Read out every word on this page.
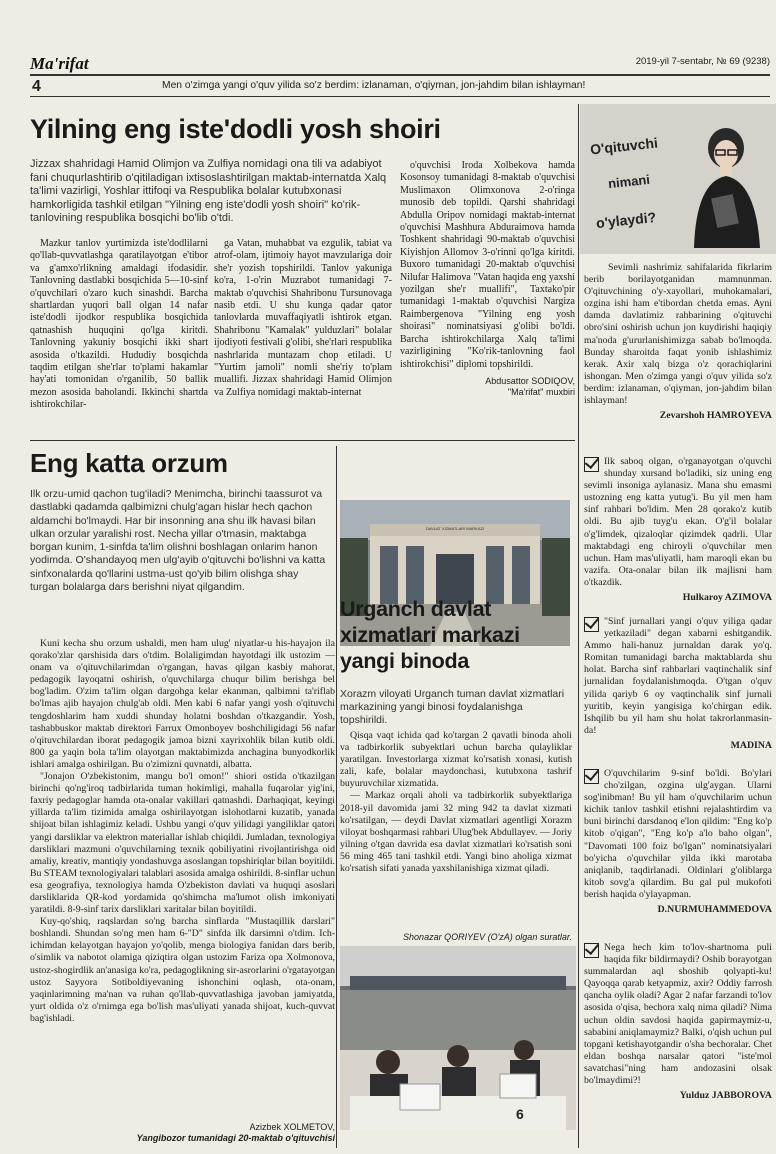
Ma'rifat	2019-yil 7-sentabr, № 69 (9238)
4	Men o'zimga yangi o'quv yilida so'z berdim: izlanaman, o'qiyman, jon-jahdim bilan ishlayman!
Yilning eng iste'dodli yosh shoiri

Jizzax shahridagi Hamid Olimjon va Zulfiya nomidagi ona tili va adabiyot fani chuqurlashtirib o'qitiladigan ixtisoslashtirilgan maktab-internatda Xalq ta'limi vazirligi, Yoshlar ittifoqi va Respublika bolalar kutubxonasi hamkorligida tashkil etilgan "Yilning eng iste'dodli yosh shoiri" ko'rik-tanlovining respublika bosqichi bo'lib o'tdi.

Mazkur tanlov yurtimizda iste'dodlilarni qo'llab-quvvatlashga qaratilayotgan e'tibor va g'amxo'rlikning amaldagi ifodasidir. Tanlovning dastlabki bosqichida 5—10-sinf o'quvchilari o'zaro kuch sinashdi. Barcha shartlardan yuqori ball olgan 14 nafar iste'dodli ijodkor respublika bosqichida qatnashish huquqini qo'lga kiritdi. Tanlovning yakuniy bosqichi ikki shart asosida o'tkazildi. Hududiy bosqichda taqdim etilgan she'rlar to'plami hakamlar hay'ati tomonidan o'rganilib, 50 ballik mezon asosida baholandi. Ikkinchi shartda ishtirokchilar-

ga Vatan, muhabbat va ezgulik, tabiat va atrof-olam, ijtimoiy hayot mavzulariga doir she'r yozish topshirildi. Tanlov yakuniga ko'ra, 1-o'rin Muzrabot tumanidagi 7-maktab o'quvchisi Shahribonu Tursunovaga nasib etdi. U shu kunga qadar qator tanlovlarda muvaffaqiyatli ishtirok etgan. Shahribonu "Kamalak" yulduzlari" bolalar ijodiyoti festivali g'olibi, she'rlari respublika nashrlarida muntazam chop etiladi. U "Yurtim jamoli" nomli she'riy to'plam muallifi. Jizzax shahridagi Hamid Olimjon va Zulfiya nomidagi maktab-internat

o'quvchisi Iroda Xolbekova hamda Kosonsoy tumanidagi 8-maktab o'quvchisi Muslimaxon Olimxonova 2-o'ringa munosib deb topildi. Qarshi shahridagi Abdulla Oripov nomidagi maktab-internat o'quvchisi Mashhura Abduraimova hamda Toshkent shahridagi 90-maktab o'quvchisi Kiyishjon Allomov 3-o'rinni qo'lga kiritdi. Buxoro tumanidagi 20-maktab o'quvchisi Nilufar Halimova "Vatan haqida eng yaxshi yozilgan she'r muallifi", Taxtako'pir tumanidagi 1-maktab o'quvchisi Nargiza Raimbergenova "Yilning eng yosh shoirasi" nominatsiyasi g'olibi bo'ldi. Barcha ishtirokchilarga Xalq ta'limi vazirligining "Ko'rik-tanlovning faol ishtirokchisi" diplomi topshirildi.

Abdusattor SODIQOV,

"Ma'rifat" muxbiri

Eng katta orzum

Ilk orzu-umid qachon tug'iladi? Menimcha, birinchi taassurot va dastlabki qadamda qalbimizni chulg'agan hislar hech qachon aldamchi bo'lmaydi. Har bir insonning ana shu ilk havasi bilan ulkan orzular yaralishi rost. Necha yillar o'tmasin, maktabga borgan kunim, 1-sinfda ta'lim olishni boshlagan onlarim hanon yodimda. O'shandayoq men ulg'ayib o'qituvchi bo'lishni va katta sinfxonalarda qo'llarini ustma-ust qo'yib bilim olishga shay turgan bolalarga dars berishni niyat qilgandim.

Kuni kecha shu orzum ushaldi, men ham ulug' niyatlar-u his-hayajon ila qorako'zlar qarshisida dars o'tdim. Bolaligimdan hayotdagi ilk ustozim — onam va o'qituvchilarimdan o'rgangan, havas qilgan kasbiy mahorat, pedagogik layoqatni oshirish, o'quvchilarga chuqur bilim berishga bel bog'ladim. O'zim ta'lim olgan dargohga kelar ekanman, qalbimni ta'riflab bo'lmas ajib hayajon chulg'ab oldi. Men kabi 6 nafar yangi yosh o'qituvchi tengdoshlarim ham xuddi shunday holatni boshdan o'tkazgandir. Yosh, tashabbuskor maktab direktori Farrux Omonboyev boshchiligidagi 56 nafar o'qituvchilardan iborat pedagogik jamoa bizni xayrixohlik bilan kutib oldi. 800 ga yaqin bola ta'lim olayotgan maktabimizda anchagina bunyodkorlik ishlari amalga oshirilgan. Bu o'zimizni quvnatdi, albatta.

"Jonajon O'zbekistonim, mangu bo'l omon!" shiori ostida o'tkazilgan birinchi qo'ng'iroq tadbirlarida tuman hokimligi, mahalla fuqarolar yig'ini, faxriy pedagoglar hamda ota-onalar vakillari qatnashdi. Darhaqiqat, keyingi yillarda ta'lim tizimida amalga oshirilayotgan islohotlarni kuzatib, yanada shijoat bilan ishlagimiz keladi. Ushbu yangi o'quv yilidagi yangiliklar qatori yangi darsliklar va elektron materiallar ishlab chiqildi. Jumladan, texnologiya darsliklari mazmuni o'quvchilarning texnik qobiliyatini rivojlantirishga oid amaliy, kreativ, mantiqiy yondashuvga asoslangan topshiriqlar bilan boyitildi. Bu STEAM texnologiyalari talablari asosida amalga oshirildi. 8-sinflar uchun esa geografiya, texnologiya hamda O'zbekiston davlati va huquqi asoslari darsliklarida QR-kod yordamida qo'shimcha ma'lumot olish imkoniyati yaratildi. 8-9-sinf tarix darsliklari xaritalar bilan boyitildi.

Kuy-qo'shiq, raqslardan so'ng barcha sinflarda "Mustaqillik darslari" boshlandi. Shundan so'ng men ham 6-"D" sinfda ilk darsimni o'tdim. Ich-ichimdan kelayotgan hayajon yo'qolib, menga biologiya fanidan dars berib, o'simlik va nabotot olamiga qiziqtira olgan ustozim Fariza opa Xolmonova, ustoz-shogirdlik an'anasiga ko'ra, pedagoglikning sir-asrorlarini o'rgatayotgan ustoz Sayyora Sotiboldiyevaning ishonchini oqlash, ota-onam, yaqinlarimning ma'nan va ruhan qo'llab-quvvatlashiga javoban jamiyatda, yurt oldida o'z o'rnimga ega bo'lish mas'uliyati yanada shijoat, kuch-quvvat bag'ishladi.

Azizbek XOLMETOV,

Yangibozor tumanidagi 20-maktab o'qituvchisi

DAVLAT XIZMATLARI MARKAZI
Urganch davlat xizmatlari markazi yangi binoda

Xorazm viloyati Urganch tuman davlat xizmatlari markazining yangi binosi foydalanishga topshirildi.

Qisqa vaqt ichida qad ko'targan 2 qavatli binoda aholi va tadbirkorlik subyektlari uchun barcha qulayliklar yaratilgan. Investorlarga xizmat ko'rsatish xonasi, kutish zali, kafe, bolalar maydonchasi, kutubxona tashrif buyuruvchilar xizmatida.

— Markaz orqali aholi va tadbirkorlik subyektlariga 2018-yil davomida jami 32 ming 942 ta davlat xizmati ko'rsatilgan, — deydi Davlat xizmatlari agentligi Xorazm viloyat boshqarmasi rahbari Ulug'bek Abdullayev. — Joriy yilning o'tgan davrida esa davlat xizmatlari ko'rsatish soni 56 ming 465 tani tashkil etdi. Yangi bino aholiga xizmat ko'rsatish sifati yanada yaxshilanishiga xizmat qiladi.

Shonazar QORIYEV (O'zA) olgan suratlar.

6
O'qituvchi
nimani
o'ylaydi?

Sevimli nashrimiz sahifalarida fikrlarim berib borilayotganidan mamnunman. O'qituvchining o'y-xayollari, muhokamalari, ozgina ishi ham e'tibordan chetda emas. Ayni damda davlatimiz rahbarining o'qituvchi obro'sini oshirish uchun jon kuydirishi haqiqiy ma'noda g'ururlanishimizga sabab bo'lmoqda. Bunday sharoitda faqat yonib ishlashimiz kerak. Axir xalq bizga o'z qorachiqlarini ishongan. Men o'zimga yangi o'quv yilida so'z berdim: izlanaman, o'qiyman, jon-jahdim bilan ishlayman!

Zevarshoh HAMROYEVA

Ilk saboq olgan, o'rganayotgan o'quvchi shunday xursand bo'ladiki, siz uning eng sevimli insoniga aylanasiz. Mana shu emasmi ustozning eng katta yutug'i. Bu yil men ham sinf rahbari bo'ldim. Men 28 qorako'z kutib oldi. Bu ajib tuyg'u ekan. O'g'il bolalar o'g'limdek, qizaloqlar qizimdek qadrli. Ular maktabdagi eng chiroyli o'quvchilar men uchun. Ham mas'uliyatli, ham maroqli ekan bu vazifa. Ota-onalar bilan ilk majlisni ham o'tkazdik.

Hulkaroy AZIMOVA

"Sinf jurnallari yangi o'quv yiliga qadar yetkaziladi" degan xabarni eshitgandik. Ammo hali-hanuz jurnaldan darak yo'q. Romitan tumanidagi barcha maktablarda shu holat. Barcha sinf rahbarlari vaqtinchalik sinf jurnalidan foydalanishmoqda. O'tgan o'quv yilida qariyb 6 oy vaqtinchalik sinf jurnali yuritib, keyin yangisiga ko'chirgan edik. Ishqilib bu yil ham shu holat takrorlanmasin-da!

MADINA

O'quvchilarim 9-sinf bo'ldi. Bo'ylari cho'zilgan, ozgina ulg'aygan. Ularni sog'inibman! Bu yil ham o'quvchilarim uchun kichik tanlov tashkil etishni rejalashtirdim va buni birinchi darsdanoq e'lon qildim: "Eng ko'p kitob o'qigan", "Eng ko'p a'lo baho olgan", "Davomati 100 foiz bo'lgan" nominatsiyalari bo'yicha o'quvchilar yilda ikki marotaba aniqlanib, taqdirlanadi. Oldinlari g'oliblarga kitob sovg'a qilardim. Bu gal pul mukofoti berish haqida o'ylayapman.

D.NURMUHAMMEDOVA

Nega hech kim to'lov-shartnoma puli haqida fikr bildirmaydi? Oshib borayotgan summalardan aql shoshib qolyapti-ku! Qayoqqa qarab ketyapmiz, axir? Oddiy farrosh qancha oylik oladi? Agar 2 nafar farzandi to'lov asosida o'qisa, bechora xalq nima qiladi? Nima uchun oldin savdosi haqida gapirmaymiz-u, sababini aniqlamaymiz? Balki, o'qish uchun pul topgani ketishayotgandir o'sha bechoralar. Chet eldan boshqa narsalar qatori "iste'mol savatchasi"ning ham andozasini olsak bo'lmaydimi?!

Yulduz JABBOROVA
